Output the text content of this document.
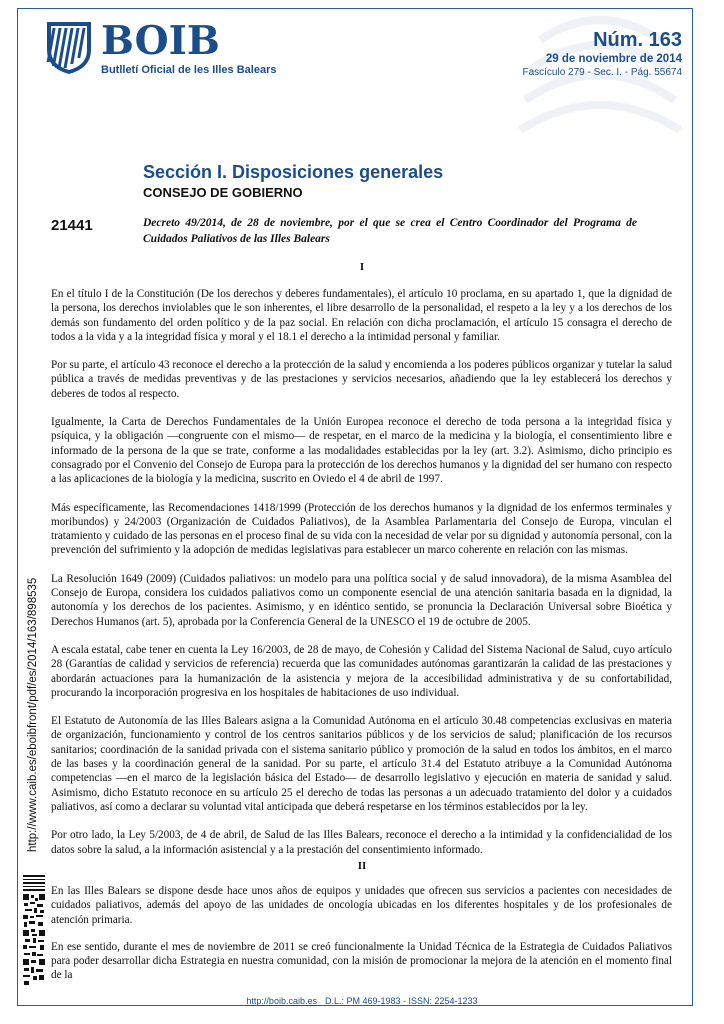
BOIB
Butlletí Oficial de les Illes Balears
Núm. 163
29 de noviembre de 2014
Fascículo 279 - Sec. I. - Pág. 55674
Sección I. Disposiciones generales
CONSEJO DE GOBIERNO
21441	Decreto 49/2014, de 28 de noviembre, por el que se crea el Centro Coordinador del Programa de Cuidados Paliativos de las Illes Balears
I

En el título I de la Constitución (De los derechos y deberes fundamentales), el artículo 10 proclama, en su apartado 1, que la dignidad de la persona, los derechos inviolables que le son inherentes, el libre desarrollo de la personalidad, el respeto a la ley y a los derechos de los demás son fundamento del orden político y de la paz social. En relación con dicha proclamación, el artículo 15 consagra el derecho de todos a la vida y a la integridad física y moral y el 18.1 el derecho a la intimidad personal y familiar.

Por su parte, el artículo 43 reconoce el derecho a la protección de la salud y encomienda a los poderes públicos organizar y tutelar la salud pública a través de medidas preventivas y de las prestaciones y servicios necesarios, añadiendo que la ley establecerá los derechos y deberes de todos al respecto.

Igualmente, la Carta de Derechos Fundamentales de la Unión Europea reconoce el derecho de toda persona a la integridad física y psíquica, y la obligación —congruente con el mismo— de respetar, en el marco de la medicina y la biología, el consentimiento libre e informado de la persona de la que se trate, conforme a las modalidades establecidas por la ley (art. 3.2). Asimismo, dicho principio es consagrado por el Convenio del Consejo de Europa para la protección de los derechos humanos y la dignidad del ser humano con respecto a las aplicaciones de la biología y la medicina, suscrito en Oviedo el 4 de abril de 1997.

Más específicamente, las Recomendaciones 1418/1999 (Protección de los derechos humanos y la dignidad de los enfermos terminales y moribundos) y 24/2003 (Organización de Cuidados Paliativos), de la Asamblea Parlamentaria del Consejo de Europa, vinculan el tratamiento y cuidado de las personas en el proceso final de su vida con la necesidad de velar por su dignidad y autonomía personal, con la prevención del sufrimiento y la adopción de medidas legislativas para establecer un marco coherente en relación con las mismas.

La Resolución 1649 (2009) (Cuidados paliativos: un modelo para una política social y de salud innovadora), de la misma Asamblea del Consejo de Europa, considera los cuidados paliativos como un componente esencial de una atención sanitaria basada en la dignidad, la autonomía y los derechos de los pacientes. Asimismo, y en idéntico sentido, se pronuncia la Declaración Universal sobre Bioética y Derechos Humanos (art. 5), aprobada por la Conferencia General de la UNESCO el 19 de octubre de 2005.

A escala estatal, cabe tener en cuenta la Ley 16/2003, de 28 de mayo, de Cohesión y Calidad del Sistema Nacional de Salud, cuyo artículo 28 (Garantías de calidad y servicios de referencia) recuerda que las comunidades autónomas garantizarán la calidad de las prestaciones y abordarán actuaciones para la humanización de la asistencia y mejora de la accesibilidad administrativa y de su confortabilidad, procurando la incorporación progresiva en los hospitales de habitaciones de uso individual.

El Estatuto de Autonomía de las Illes Balears asigna a la Comunidad Autónoma en el artículo 30.48 competencias exclusivas en materia de organización, funcionamiento y control de los centros sanitarios públicos y de los servicios de salud; planificación de los recursos sanitarios; coordinación de la sanidad privada con el sistema sanitario público y promoción de la salud en todos los ámbitos, en el marco de las bases y la coordinación general de la sanidad. Por su parte, el artículo 31.4 del Estatuto atribuye a la Comunidad Autónoma competencias —en el marco de la legislación básica del Estado— de desarrollo legislativo y ejecución en materia de sanidad y salud. Asimismo, dicho Estatuto reconoce en su artículo 25 el derecho de todas las personas a un adecuado tratamiento del dolor y a cuidados paliativos, así como a declarar su voluntad vital anticipada que deberá respetarse en los términos establecidos por la ley.

Por otro lado, la Ley 5/2003, de 4 de abril, de Salud de las Illes Balears, reconoce el derecho a la intimidad y la confidencialidad de los datos sobre la salud, a la información asistencial y a la prestación del consentimiento informado.

II

En las Illes Balears se dispone desde hace unos años de equipos y unidades que ofrecen sus servicios a pacientes con necesidades de cuidados paliativos, además del apoyo de las unidades de oncología ubicadas en los diferentes hospitales y de los profesionales de atención primaria.

En ese sentido, durante el mes de noviembre de 2011 se creó funcionalmente la Unidad Técnica de la Estrategia de Cuidados Paliativos para poder desarrollar dicha Estrategia en nuestra comunidad, con la misión de promocionar la mejora de la atención en el momento final de la

http://www.caib.es/eboibfront/pdf/es/2014/163/898535
http://boib.caib.es D.L.: PM 469-1983 - ISSN: 2254-1233
